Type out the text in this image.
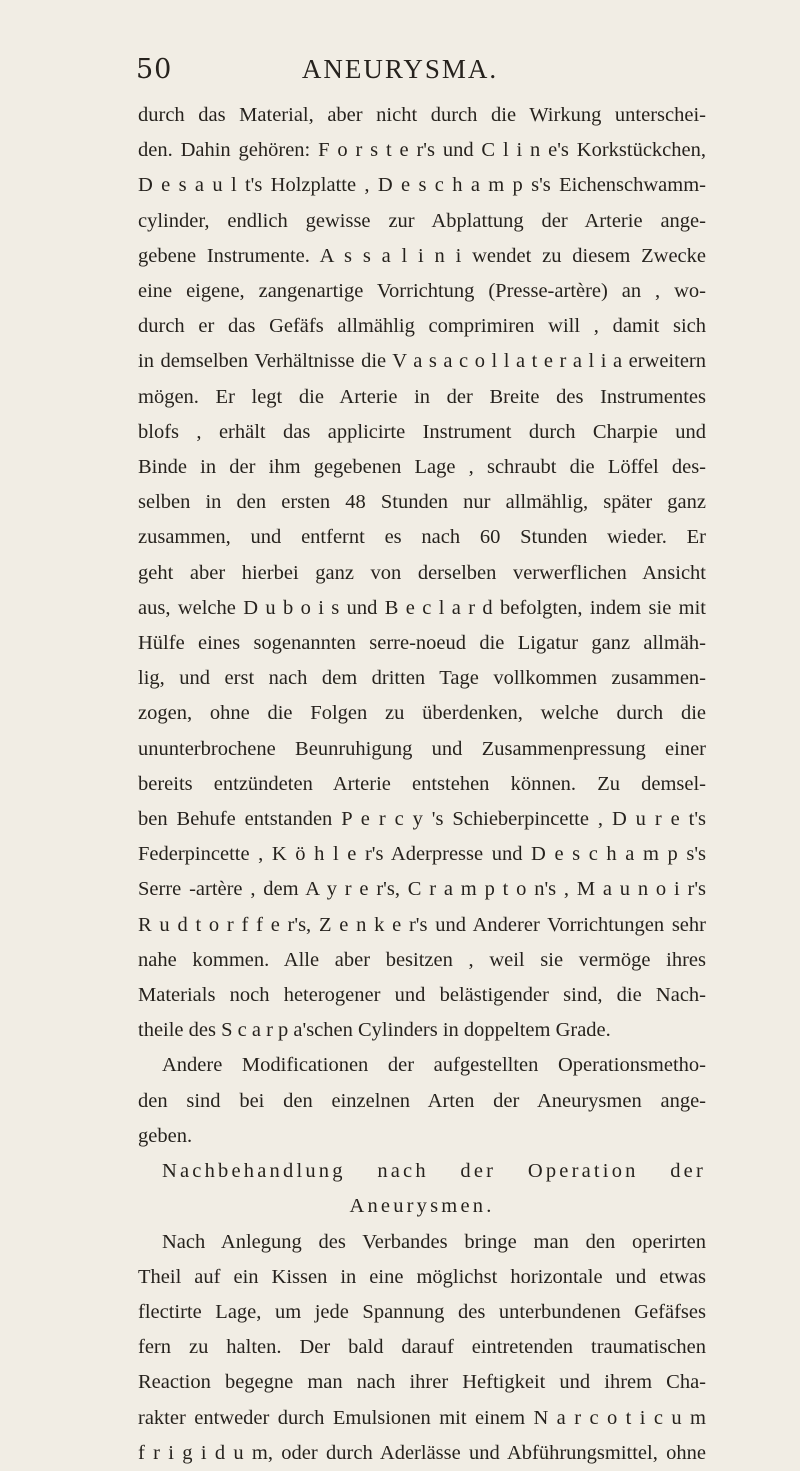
50	ANEURYSMA.
durch das Material, aber nicht durch die Wirkung unterschei-
den. Dahin gehören: F o r s t e r's und C l i n e's Korkstückchen,
D e s a u l t's Holzplatte , D e s c h a m p s's Eichenschwamm-
cylinder, endlich gewisse zur Abplattung der Arterie ange-
gebene Instrumente. A s s a l i n i wendet zu diesem Zwecke
eine eigene, zangenartige Vorrichtung (Presse-artère) an , wo-
durch er das Gefäfs allmählig comprimiren will , damit sich
in demselben Verhältnisse die V a s a c o l l a t e r a l i a erweitern
mögen. Er legt die Arterie in der Breite des Instrumentes
blofs , erhält das applicirte Instrument durch Charpie und
Binde in der ihm gegebenen Lage , schraubt die Löffel des-
selben in den ersten 48 Stunden nur allmählig, später ganz
zusammen, und entfernt es nach 60 Stunden wieder. Er
geht aber hierbei ganz von derselben verwerflichen Ansicht
aus, welche D u b o i s und B e c l a r d befolgten, indem sie mit
Hülfe eines sogenannten serre-noeud die Ligatur ganz allmäh-
lig, und erst nach dem dritten Tage vollkommen zusammen-
zogen, ohne die Folgen zu überdenken, welche durch die
ununterbrochene Beunruhigung und Zusammenpressung einer
bereits entzündeten Arterie entstehen können. Zu demsel-
ben Behufe entstanden P e r c y 's Schieberpincette , D u r e t's
Federpincette , K ö h l e r's Aderpresse und D e s c h a m p s's
Serre -artère , dem A y r e r's, C r a m p t o n's , M a u n o i r's
R u d t o r f f e r's, Z e n k e r's und Anderer Vorrichtungen sehr
nahe kommen. Alle aber besitzen , weil sie vermöge ihres
Materials noch heterogener und belästigender sind, die Nach-
theile des S c a r p a'schen Cylinders in doppeltem Grade.
Andere Modificationen der aufgestellten Operationsmetho-
den sind bei den einzelnen Arten der Aneurysmen ange-
geben.
Nachbehandlung nach der Operation der
Aneurysmen.
Nach Anlegung des Verbandes bringe man den operirten
Theil auf ein Kissen in eine möglichst horizontale und etwas
flectirte Lage, um jede Spannung des unterbundenen Gefäfses
fern zu halten. Der bald darauf eintretenden traumatischen
Reaction begegne man nach ihrer Heftigkeit und ihrem Cha-
rakter entweder durch Emulsionen mit einem N a r c o t i c u m
f r i g i d u m, oder durch Aderlässe und Abführungsmittel, ohne
